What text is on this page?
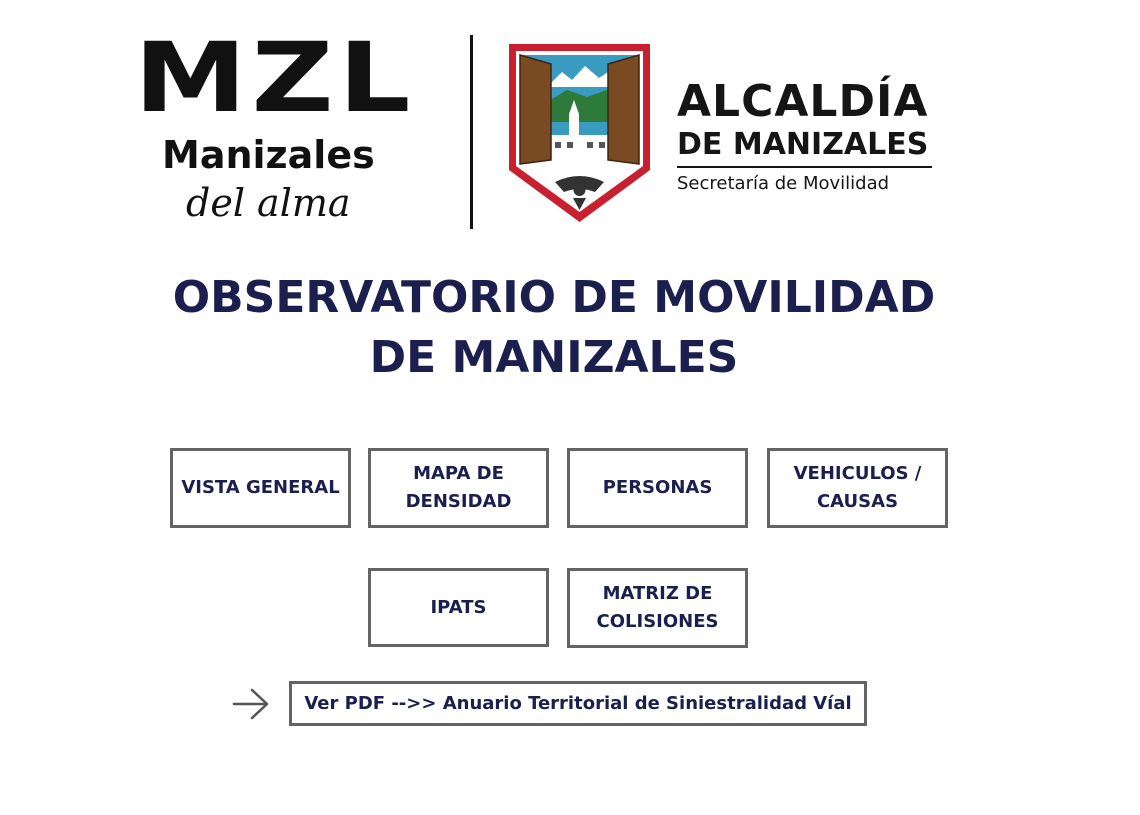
MZL
Manizales
del alma
ALCALDÍA
DE MANIZALES
Secretaría de Movilidad
OBSERVATORIO DE MOVILIDAD
DE MANIZALES
VISTA GENERAL
MAPA DE DENSIDAD
PERSONAS
VEHICULOS / CAUSAS
IPATS
MATRIZ DE COLISIONES
Ver PDF -->> Anuario Territorial de Siniestralidad Víal
